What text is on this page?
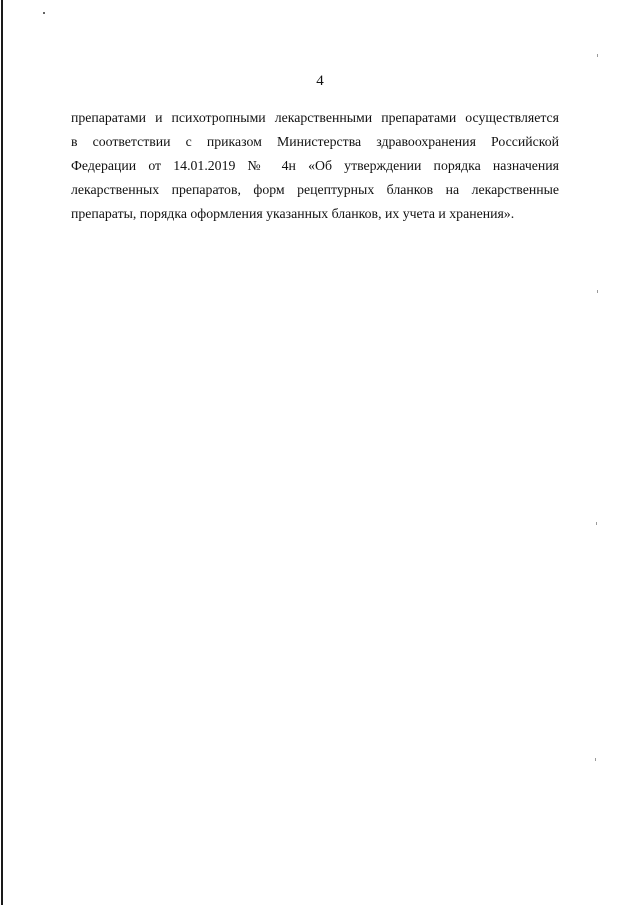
4
препаратами и психотропными лекарственными препаратами осуществляется
в соответствии с приказом Министерства здравоохранения Российской
Федерации от 14.01.2019 № 4н «Об утверждении порядка назначения
лекарственных препаратов, форм рецептурных бланков на лекарственные
препараты, порядка оформления указанных бланков, их учета и хранения».
